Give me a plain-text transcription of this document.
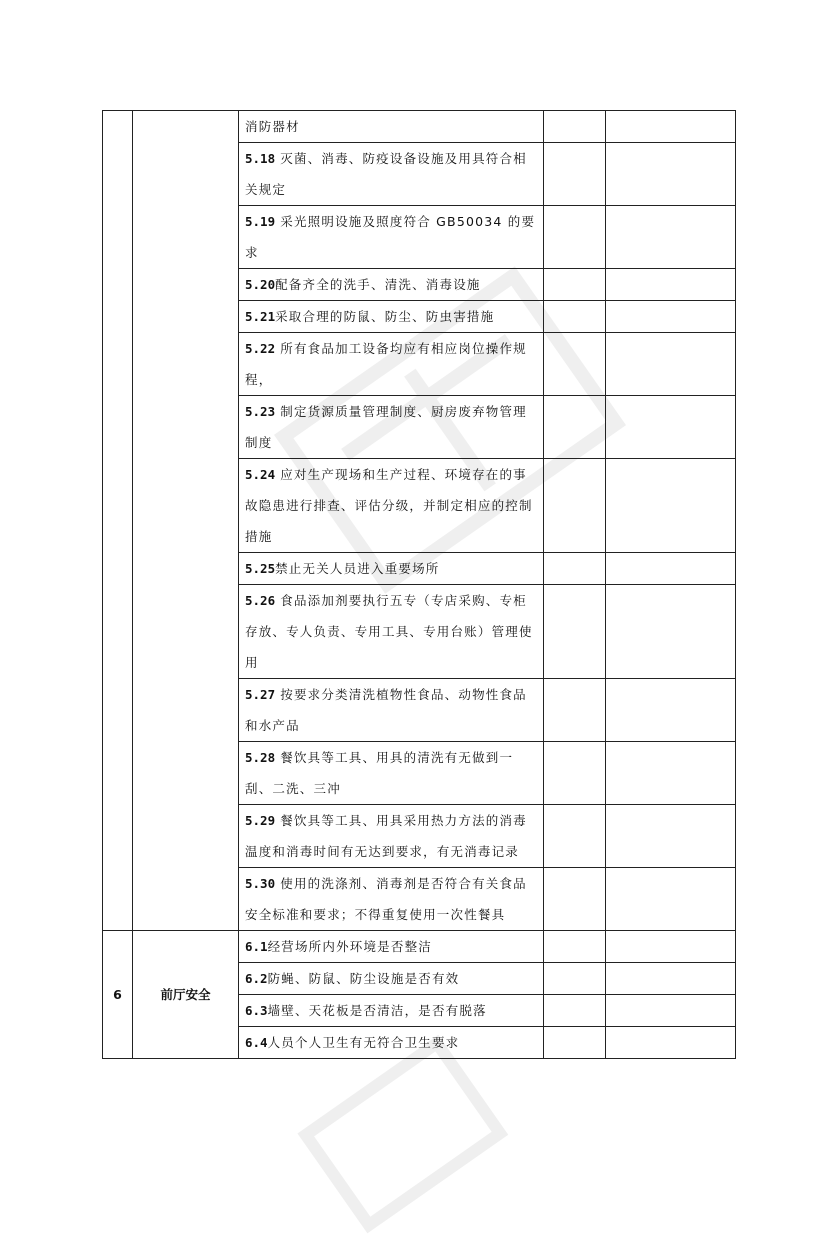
		消防器材		
		5.18 灭菌、消毒、防疫设备设施及用具符合相关规定		
		5.19 采光照明设施及照度符合 GB50034 的要求		
		5.20配备齐全的洗手、清洗、消毒设施		
		5.21采取合理的防鼠、防尘、防虫害措施		
		5.22 所有食品加工设备均应有相应岗位操作规程，		
		5.23 制定货源质量管理制度、厨房废弃物管理制度		
		5.24 应对生产现场和生产过程、环境存在的事故隐患进行排查、评估分级，并制定相应的控制措施		
		5.25禁止无关人员进入重要场所		
		5.26 食品添加剂要执行五专（专店采购、专柜存放、专人负责、专用工具、专用台账）管理使用		
		5.27 按要求分类清洗植物性食品、动物性食品和水产品		
		5.28 餐饮具等工具、用具的清洗有无做到一刮、二洗、三冲		
		5.29 餐饮具等工具、用具采用热力方法的消毒温度和消毒时间有无达到要求，有无消毒记录		
		5.30 使用的洗涤剂、消毒剂是否符合有关食品安全标准和要求；不得重复使用一次性餐具		
6	前厅安全	6.1经营场所内外环境是否整洁		
		6.2防蝇、防鼠、防尘设施是否有效		
		6.3墙壁、天花板是否清洁，是否有脱落		
		6.4人员个人卫生有无符合卫生要求		
